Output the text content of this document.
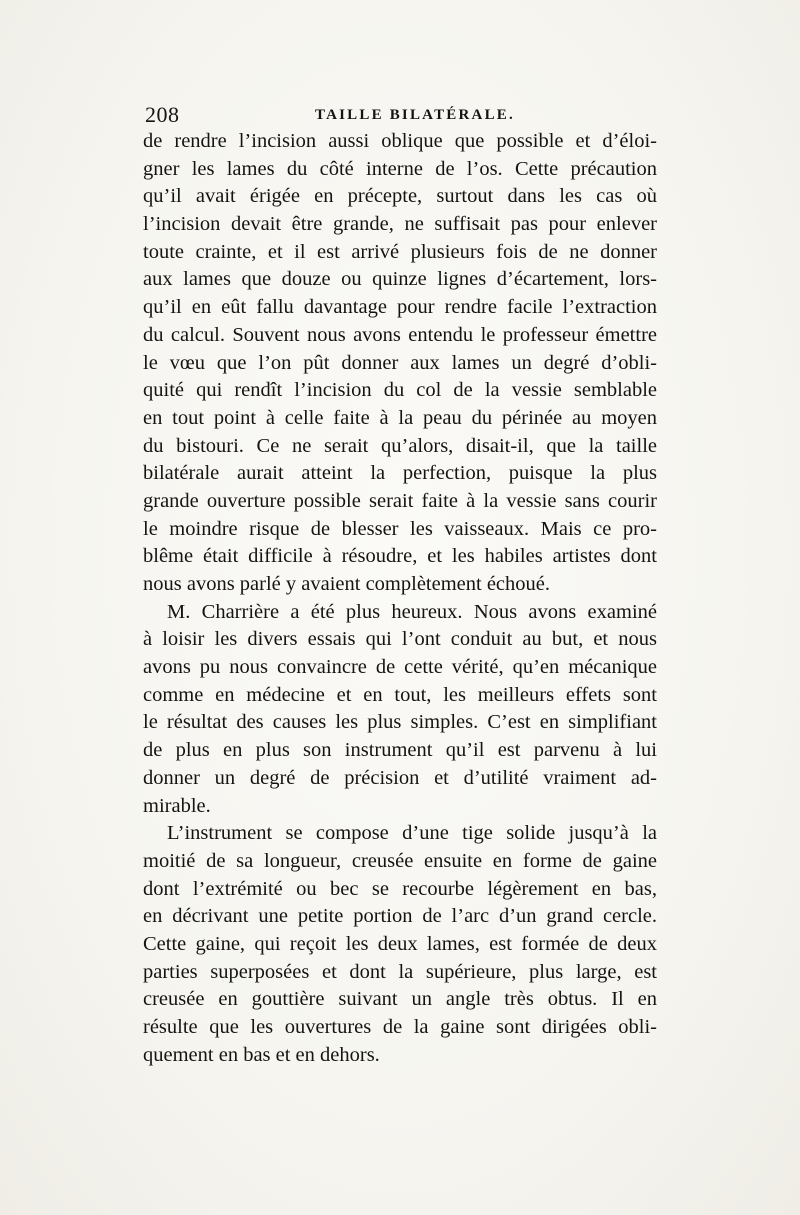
208	TAILLE BILATÉRALE.
de rendre l’incision aussi oblique que possible et d’éloi-
gner les lames du côté interne de l’os. Cette précaution
qu’il avait érigée en précepte, surtout dans les cas où
l’incision devait être grande, ne suffisait pas pour enlever
toute crainte, et il est arrivé plusieurs fois de ne donner
aux lames que douze ou quinze lignes d’écartement, lors-
qu’il en eût fallu davantage pour rendre facile l’extraction
du calcul. Souvent nous avons entendu le professeur émettre
le vœu que l’on pût donner aux lames un degré d’obli-
quité qui rendît l’incision du col de la vessie semblable
en tout point à celle faite à la peau du périnée au moyen
du bistouri. Ce ne serait qu’alors, disait-il, que la taille
bilatérale aurait atteint la perfection, puisque la plus
grande ouverture possible serait faite à la vessie sans courir
le moindre risque de blesser les vaisseaux. Mais ce pro-
blême était difficile à résoudre, et les habiles artistes dont
nous avons parlé y avaient complètement échoué.
M. Charrière a été plus heureux. Nous avons examiné
à loisir les divers essais qui l’ont conduit au but, et nous
avons pu nous convaincre de cette vérité, qu’en mécanique
comme en médecine et en tout, les meilleurs effets sont
le résultat des causes les plus simples. C’est en simplifiant
de plus en plus son instrument qu’il est parvenu à lui
donner un degré de précision et d’utilité vraiment ad-
mirable.
L’instrument se compose d’une tige solide jusqu’à la
moitié de sa longueur, creusée ensuite en forme de gaine
dont l’extrémité ou bec se recourbe légèrement en bas,
en décrivant une petite portion de l’arc d’un grand cercle.
Cette gaine, qui reçoit les deux lames, est formée de deux
parties superposées et dont la supérieure, plus large, est
creusée en gouttière suivant un angle très obtus. Il en
résulte que les ouvertures de la gaine sont dirigées obli-
quement en bas et en dehors.
